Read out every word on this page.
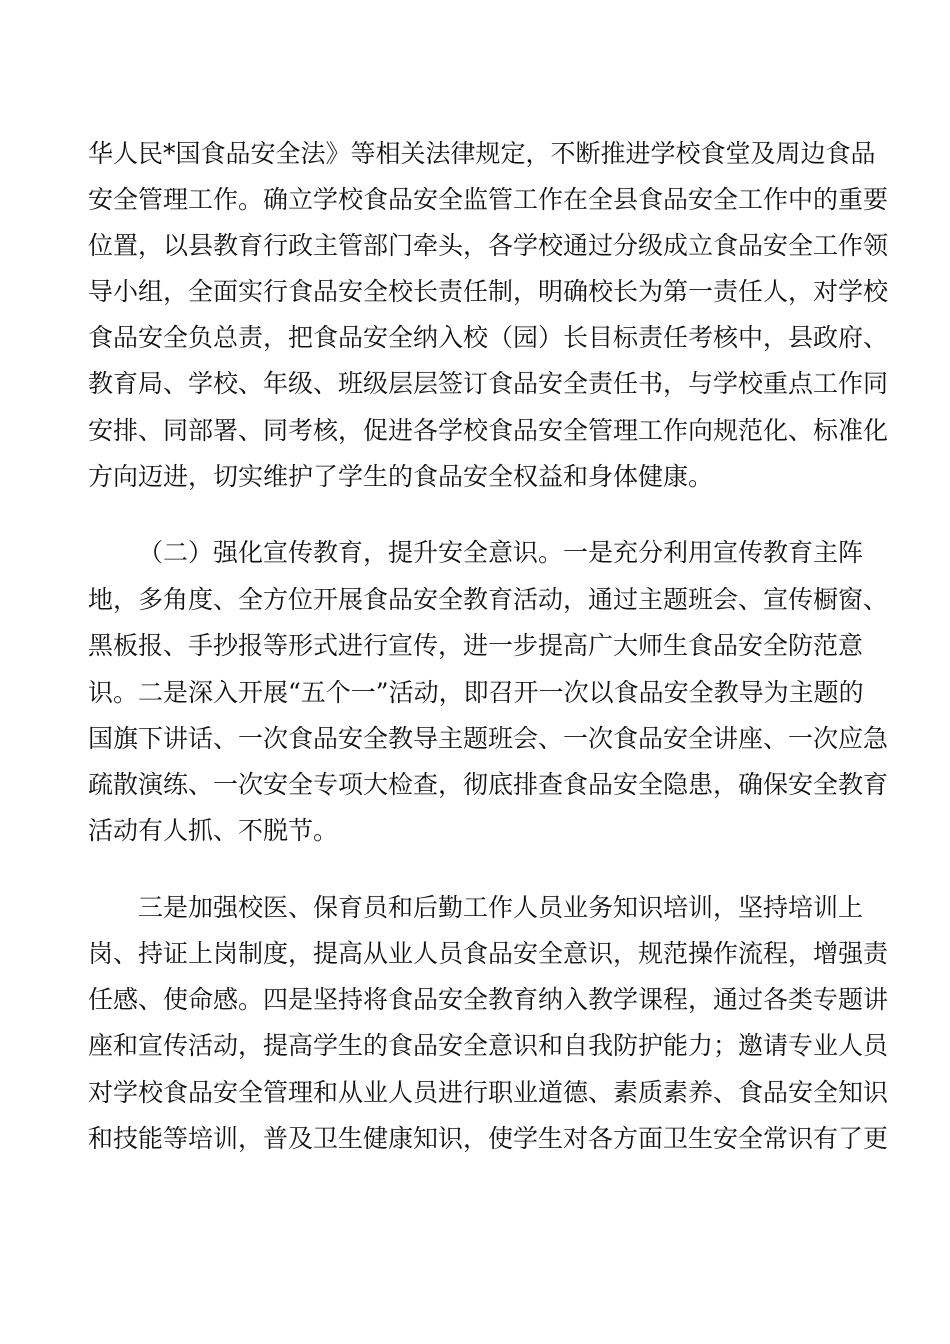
华人民*国食品安全法》等相关法律规定，不断推进学校食堂及周边食品
安全管理工作。确立学校食品安全监管工作在全县食品安全工作中的重要
位置，以县教育行政主管部门牵头，各学校通过分级成立食品安全工作领
导小组，全面实行食品安全校长责任制，明确校长为第一责任人，对学校
食品安全负总责，把食品安全纳入校（园）长目标责任考核中，县政府、
教育局、学校、年级、班级层层签订食品安全责任书，与学校重点工作同
安排、同部署、同考核，促进各学校食品安全管理工作向规范化、标准化
方向迈进，切实维护了学生的食品安全权益和身体健康。
（二）强化宣传教育，提升安全意识。一是充分利用宣传教育主阵
地，多角度、全方位开展食品安全教育活动，通过主题班会、宣传橱窗、
黑板报、手抄报等形式进行宣传，进一步提高广大师生食品安全防范意
识。二是深入开展“五个一”活动，即召开一次以食品安全教导为主题的
国旗下讲话、一次食品安全教导主题班会、一次食品安全讲座、一次应急
疏散演练、一次安全专项大检查，彻底排查食品安全隐患，确保安全教育
活动有人抓、不脱节。
三是加强校医、保育员和后勤工作人员业务知识培训，坚持培训上
岗、持证上岗制度，提高从业人员食品安全意识，规范操作流程，增强责
任感、使命感。四是坚持将食品安全教育纳入教学课程，通过各类专题讲
座和宣传活动，提高学生的食品安全意识和自我防护能力；邀请专业人员
对学校食品安全管理和从业人员进行职业道德、素质素养、食品安全知识
和技能等培训，普及卫生健康知识，使学生对各方面卫生安全常识有了更
